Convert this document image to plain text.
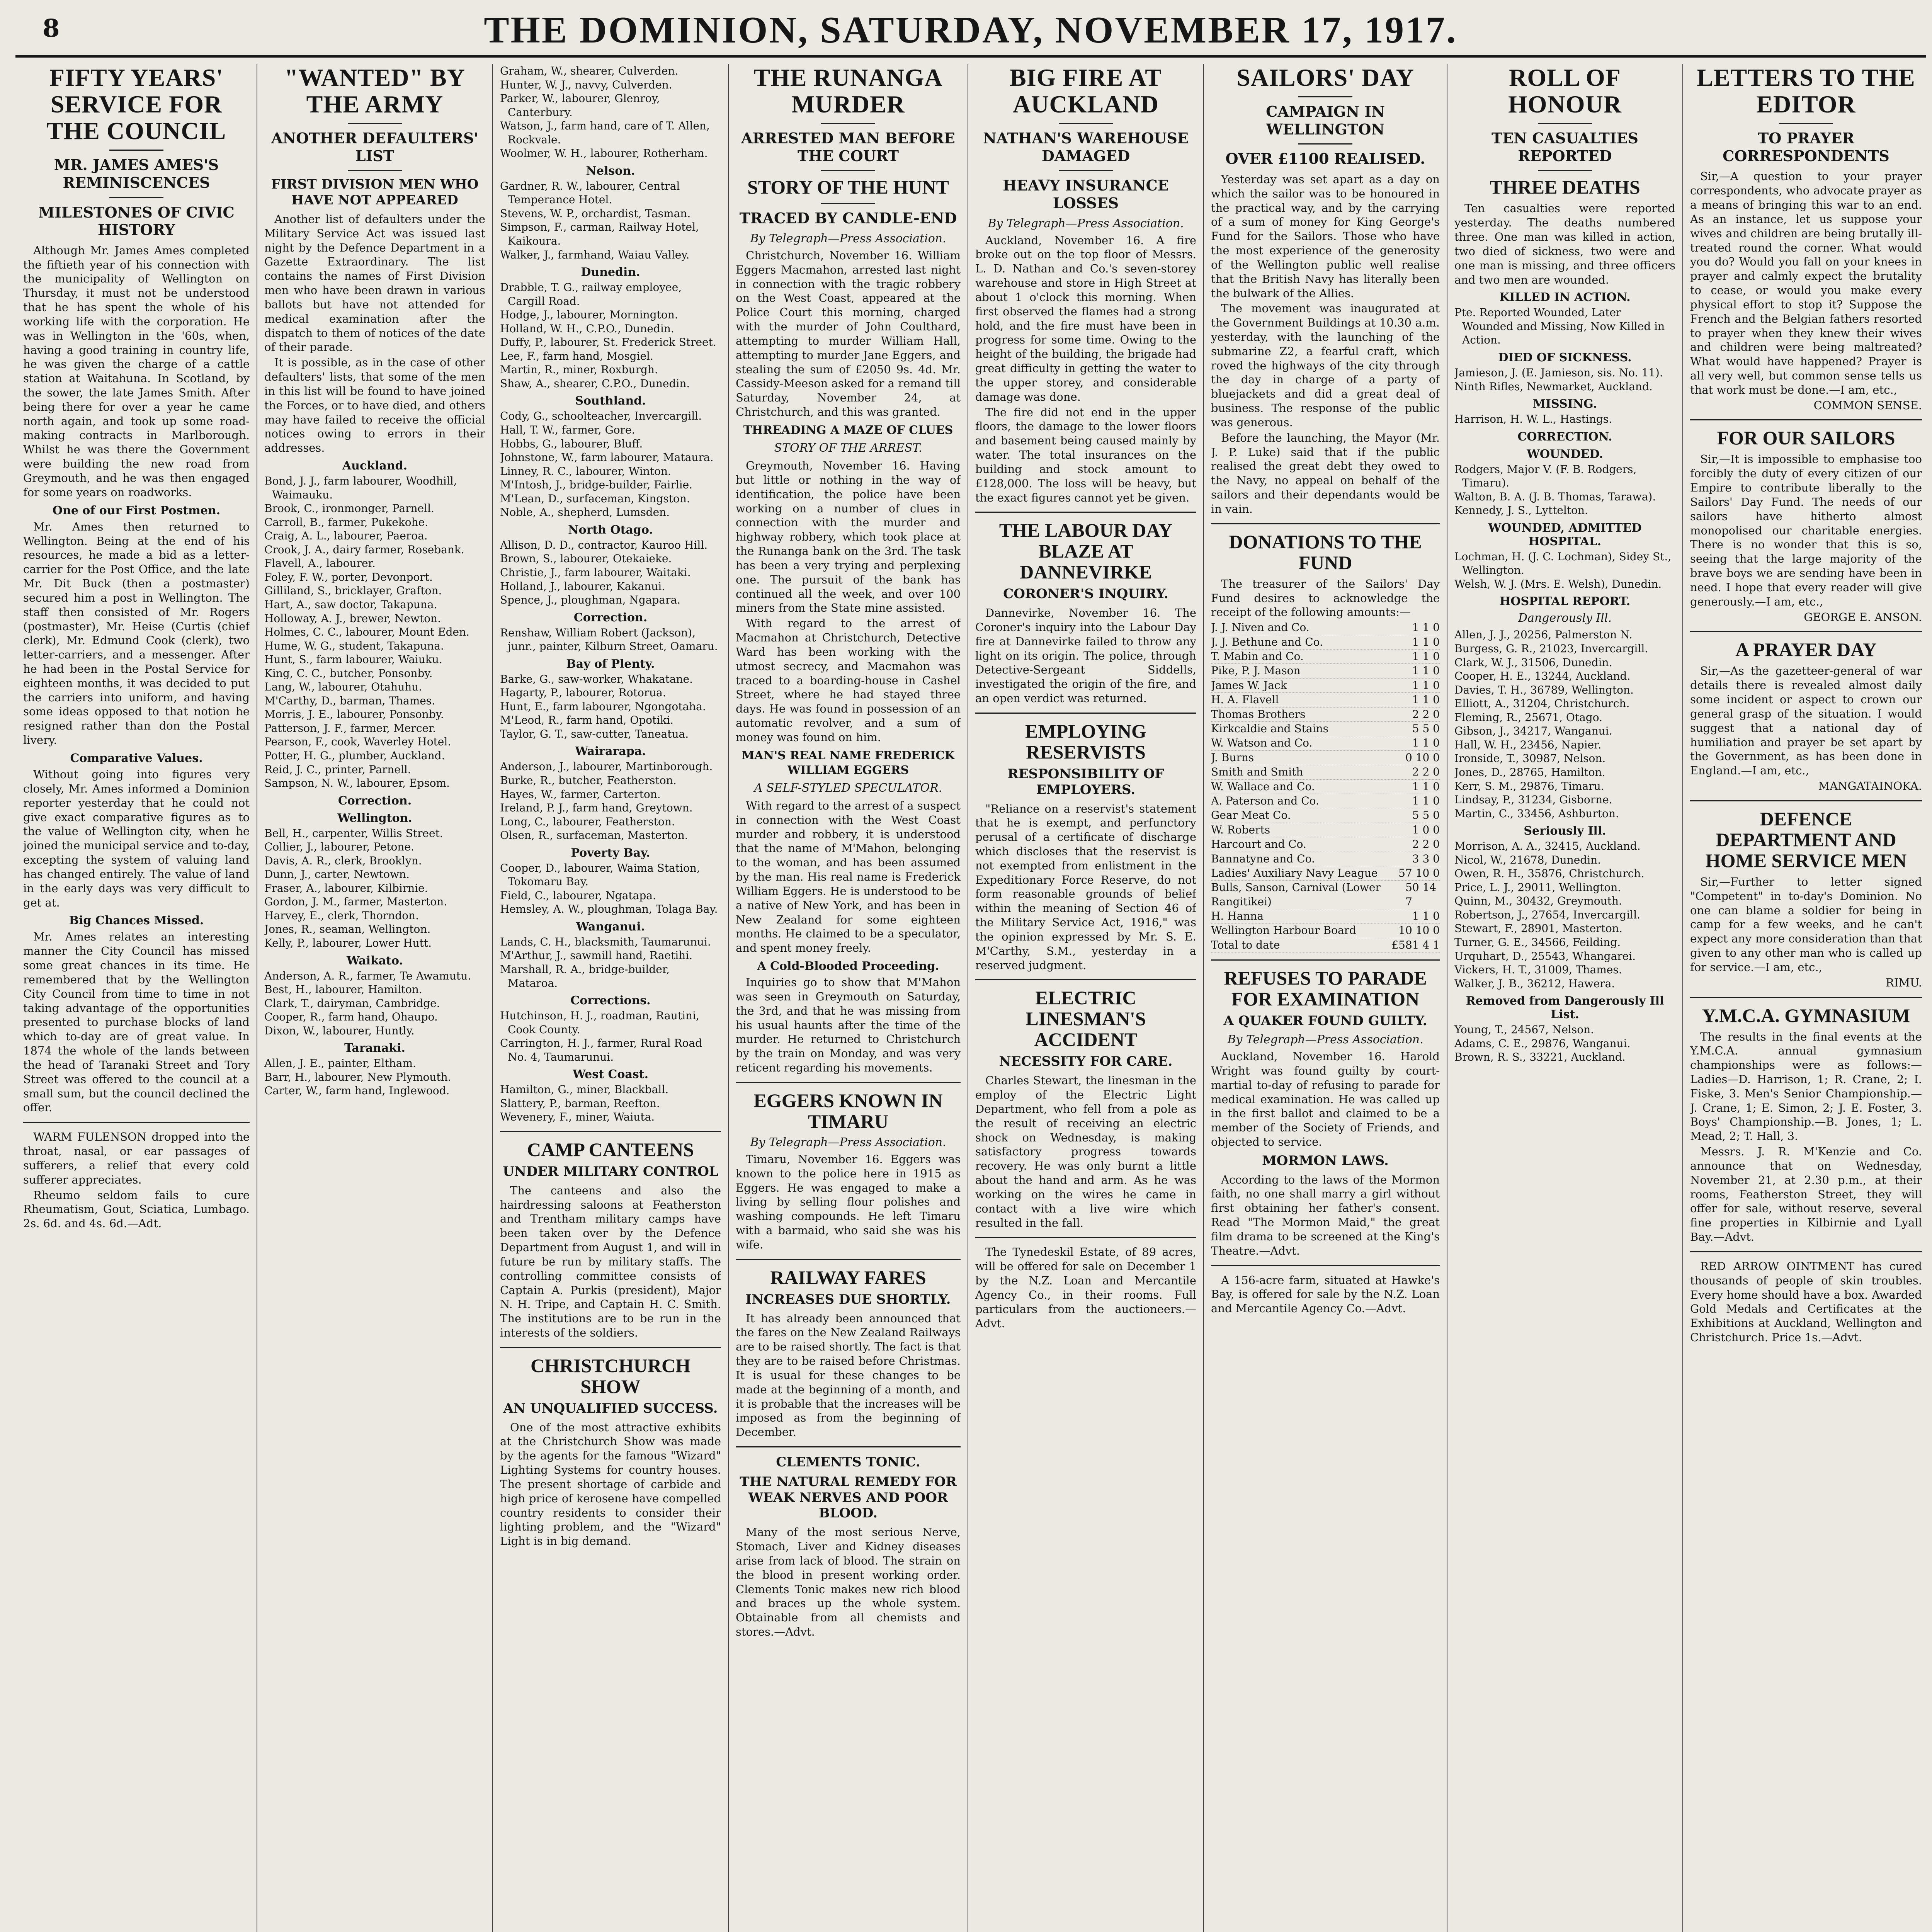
8	THE DOMINION, SATURDAY, NOVEMBER 17, 1917.
FIFTY YEARS' SERVICE FOR THE COUNCIL
MR. JAMES AMES'S REMINISCENCES
MILESTONES OF CIVIC HISTORY

Although Mr. James Ames completed the fiftieth year of his connection with the municipality of Wellington on Thursday, it must not be understood that he has spent the whole of his working life with the corporation. He was in Wellington in the '60s, when, having a good training in country life, he was given the charge of a cattle station at Waitahuna. In Scotland, by the sower, the late James Smith. After being there for over a year he came north again, and took up some road-making contracts in Marlborough. Whilst he was there the Government were building the new road from Greymouth, and he was then engaged for some years on roadworks.

One of our First Postmen.

Mr. Ames then returned to Wellington. Being at the end of his resources, he made a bid as a letter-carrier for the Post Office, and the late Mr. Dit Buck (then a postmaster) secured him a post in Wellington. The staff then consisted of Mr. Rogers (postmaster), Mr. Heise (Curtis (chief clerk), Mr. Edmund Cook (clerk), two letter-carriers, and a messenger. After he had been in the Postal Service for eighteen months, it was decided to put the carriers into uniform, and having some ideas opposed to that notion he resigned rather than don the Postal livery.

Comparative Values.

Without going into figures very closely, Mr. Ames informed a Dominion reporter yesterday that he could not give exact comparative figures as to the value of Wellington city, when he joined the municipal service and to-day, excepting the system of valuing land has changed entirely. The value of land in the early days was very difficult to get at.

Big Chances Missed.

Mr. Ames relates an interesting manner the City Council has missed some great chances in its time. He remembered that by the Wellington City Council from time to time in not taking advantage of the opportunities presented to purchase blocks of land which to-day are of great value. In 1874 the whole of the lands between the head of Taranaki Street and Tory Street was offered to the council at a small sum, but the council declined the offer.

WARM FULENSON dropped into the throat, nasal, or ear passages of sufferers, a relief that every cold sufferer appreciates.

Rheumo seldom fails to cure Rheumatism, Gout, Sciatica, Lumbago. 2s. 6d. and 4s. 6d.—Adt.

"WANTED" BY THE ARMY
ANOTHER DEFAULTERS' LIST
FIRST DIVISION MEN WHO HAVE NOT APPEARED

Another list of defaulters under the Military Service Act was issued last night by the Defence Department in a Gazette Extraordinary. The list contains the names of First Division men who have been drawn in various ballots but have not attended for medical examination after the dispatch to them of notices of the date of their parade.

It is possible, as in the case of other defaulters' lists, that some of the men in this list will be found to have joined the Forces, or to have died, and others may have failed to receive the official notices owing to errors in their addresses.

Auckland.
Bond, J. J., farm labourer, Woodhill, Waimauku.
Brook, C., ironmonger, Parnell.
Carroll, B., farmer, Pukekohe.
Craig, A. L., labourer, Paeroa.
Crook, J. A., dairy farmer, Rosebank.
Flavell, A., labourer.
Foley, F. W., porter, Devonport.
Gilliland, S., bricklayer, Grafton.
Hart, A., saw doctor, Takapuna.
Holloway, A. J., brewer, Newton.
Holmes, C. C., labourer, Mount Eden.
Hume, W. G., student, Takapuna.
Hunt, S., farm labourer, Waiuku.
King, C. C., butcher, Ponsonby.
Lang, W., labourer, Otahuhu.
M'Carthy, D., barman, Thames.
Morris, J. E., labourer, Ponsonby.
Patterson, J. F., farmer, Mercer.
Pearson, F., cook, Waverley Hotel.
Potter, H. G., plumber, Auckland.
Reid, J. C., printer, Parnell.
Sampson, N. W., labourer, Epsom.
Correction.
Wellington.
Bell, H., carpenter, Willis Street.
Collier, J., labourer, Petone.
Davis, A. R., clerk, Brooklyn.
Dunn, J., carter, Newtown.
Fraser, A., labourer, Kilbirnie.
Gordon, J. M., farmer, Masterton.
Harvey, E., clerk, Thorndon.
Jones, R., seaman, Wellington.
Kelly, P., labourer, Lower Hutt.
Waikato.
Anderson, A. R., farmer, Te Awamutu.
Best, H., labourer, Hamilton.
Clark, T., dairyman, Cambridge.
Cooper, R., farm hand, Ohaupo.
Dixon, W., labourer, Huntly.
Taranaki.
Allen, J. E., painter, Eltham.
Barr, H., labourer, New Plymouth.
Carter, W., farm hand, Inglewood.
Graham, W., shearer, Culverden.
Hunter, W. J., navvy, Culverden.
Parker, W., labourer, Glenroy, Canterbury.
Watson, J., farm hand, care of T. Allen, Rockvale.
Woolmer, W. H., labourer, Rotherham.
Nelson.
Gardner, R. W., labourer, Central Temperance Hotel.
Stevens, W. P., orchardist, Tasman.
Simpson, F., carman, Railway Hotel, Kaikoura.
Walker, J., farmhand, Waiau Valley.
Dunedin.
Drabble, T. G., railway employee, Cargill Road.
Hodge, J., labourer, Mornington.
Holland, W. H., C.P.O., Dunedin.
Duffy, P., labourer, St. Frederick Street.
Lee, F., farm hand, Mosgiel.
Martin, R., miner, Roxburgh.
Shaw, A., shearer, C.P.O., Dunedin.
Southland.
Cody, G., schoolteacher, Invercargill.
Hall, T. W., farmer, Gore.
Hobbs, G., labourer, Bluff.
Johnstone, W., farm labourer, Mataura.
Linney, R. C., labourer, Winton.
M'Intosh, J., bridge-builder, Fairlie.
M'Lean, D., surfaceman, Kingston.
Noble, A., shepherd, Lumsden.
North Otago.
Allison, D. D., contractor, Kauroo Hill.
Brown, S., labourer, Otekaieke.
Christie, J., farm labourer, Waitaki.
Holland, J., labourer, Kakanui.
Spence, J., ploughman, Ngapara.
Correction.
Renshaw, William Robert (Jackson), junr., painter, Kilburn Street, Oamaru.
Bay of Plenty.
Barke, G., saw-worker, Whakatane.
Hagarty, P., labourer, Rotorua.
Hunt, E., farm labourer, Ngongotaha.
M'Leod, R., farm hand, Opotiki.
Taylor, G. T., saw-cutter, Taneatua.
Wairarapa.
Anderson, J., labourer, Martinborough.
Burke, R., butcher, Featherston.
Hayes, W., farmer, Carterton.
Ireland, P. J., farm hand, Greytown.
Long, C., labourer, Featherston.
Olsen, R., surfaceman, Masterton.
Poverty Bay.
Cooper, D., labourer, Waima Station, Tokomaru Bay.
Field, C., labourer, Ngatapa.
Hemsley, A. W., ploughman, Tolaga Bay.
Wanganui.
Lands, C. H., blacksmith, Taumarunui.
M'Arthur, J., sawmill hand, Raetihi.
Marshall, R. A., bridge-builder, Mataroa.
Corrections.
Hutchinson, H. J., roadman, Rautini, Cook County.
Carrington, H. J., farmer, Rural Road No. 4, Taumarunui.
West Coast.
Hamilton, G., miner, Blackball.
Slattery, P., barman, Reefton.
Wevenery, F., miner, Waiuta.
CAMP CANTEENS
UNDER MILITARY CONTROL

The canteens and also the hairdressing saloons at Featherston and Trentham military camps have been taken over by the Defence Department from August 1, and will in future be run by military staffs. The controlling committee consists of Captain A. Purkis (president), Major N. H. Tripe, and Captain H. C. Smith. The institutions are to be run in the interests of the soldiers.

CHRISTCHURCH SHOW
AN UNQUALIFIED SUCCESS.

One of the most attractive exhibits at the Christchurch Show was made by the agents for the famous "Wizard" Lighting Systems for country houses. The present shortage of carbide and high price of kerosene have compelled country residents to consider their lighting problem, and the "Wizard" Light is in big demand.

THE RUNANGA MURDER
ARRESTED MAN BEFORE THE COURT
STORY OF THE HUNT
TRACED BY CANDLE-END
By Telegraph—Press Association.

Christchurch, November 16. William Eggers Macmahon, arrested last night in connection with the tragic robbery on the West Coast, appeared at the Police Court this morning, charged with the murder of John Coulthard, attempting to murder William Hall, attempting to murder Jane Eggers, and stealing the sum of £2050 9s. 4d. Mr. Cassidy-Meeson asked for a remand till Saturday, November 24, at Christchurch, and this was granted.

THREADING A MAZE OF CLUES
STORY OF THE ARREST.

Greymouth, November 16. Having but little or nothing in the way of identification, the police have been working on a number of clues in connection with the murder and highway robbery, which took place at the Runanga bank on the 3rd. The task has been a very trying and perplexing one. The pursuit of the bank has continued all the week, and over 100 miners from the State mine assisted.

With regard to the arrest of Macmahon at Christchurch, Detective Ward has been working with the utmost secrecy, and Macmahon was traced to a boarding-house in Cashel Street, where he had stayed three days. He was found in possession of an automatic revolver, and a sum of money was found on him.

MAN'S REAL NAME FREDERICK WILLIAM EGGERS
A SELF-STYLED SPECULATOR.

With regard to the arrest of a suspect in connection with the West Coast murder and robbery, it is understood that the name of M'Mahon, belonging to the woman, and has been assumed by the man. His real name is Frederick William Eggers. He is understood to be a native of New York, and has been in New Zealand for some eighteen months. He claimed to be a speculator, and spent money freely.

A Cold-Blooded Proceeding.

Inquiries go to show that M'Mahon was seen in Greymouth on Saturday, the 3rd, and that he was missing from his usual haunts after the time of the murder. He returned to Christchurch by the train on Monday, and was very reticent regarding his movements.

EGGERS KNOWN IN TIMARU
By Telegraph—Press Association.

Timaru, November 16. Eggers was known to the police here in 1915 as Eggers. He was engaged to make a living by selling flour polishes and washing compounds. He left Timaru with a barmaid, who said she was his wife.

RAILWAY FARES
INCREASES DUE SHORTLY.

It has already been announced that the fares on the New Zealand Railways are to be raised shortly. The fact is that they are to be raised before Christmas. It is usual for these changes to be made at the beginning of a month, and it is probable that the increases will be imposed as from the beginning of December.

CLEMENTS TONIC.
THE NATURAL REMEDY FOR WEAK NERVES AND POOR BLOOD.

Many of the most serious Nerve, Stomach, Liver and Kidney diseases arise from lack of blood. The strain on the blood in present working order. Clements Tonic makes new rich blood and braces up the whole system. Obtainable from all chemists and stores.—Advt.

BIG FIRE AT AUCKLAND
NATHAN'S WAREHOUSE DAMAGED
HEAVY INSURANCE LOSSES
By Telegraph—Press Association.

Auckland, November 16. A fire broke out on the top floor of Messrs. L. D. Nathan and Co.'s seven-storey warehouse and store in High Street at about 1 o'clock this morning. When first observed the flames had a strong hold, and the fire must have been in progress for some time. Owing to the height of the building, the brigade had great difficulty in getting the water to the upper storey, and considerable damage was done.

The fire did not end in the upper floors, the damage to the lower floors and basement being caused mainly by water. The total insurances on the building and stock amount to £128,000. The loss will be heavy, but the exact figures cannot yet be given.

THE LABOUR DAY BLAZE AT DANNEVIRKE
CORONER'S INQUIRY.

Dannevirke, November 16. The Coroner's inquiry into the Labour Day fire at Dannevirke failed to throw any light on its origin. The police, through Detective-Sergeant Siddells, investigated the origin of the fire, and an open verdict was returned.

EMPLOYING RESERVISTS
RESPONSIBILITY OF EMPLOYERS.

"Reliance on a reservist's statement that he is exempt, and perfunctory perusal of a certificate of discharge which discloses that the reservist is not exempted from enlistment in the Expeditionary Force Reserve, do not form reasonable grounds of belief within the meaning of Section 46 of the Military Service Act, 1916," was the opinion expressed by Mr. S. E. M'Carthy, S.M., yesterday in a reserved judgment.

ELECTRIC LINESMAN'S ACCIDENT
NECESSITY FOR CARE.

Charles Stewart, the linesman in the employ of the Electric Light Department, who fell from a pole as the result of receiving an electric shock on Wednesday, is making satisfactory progress towards recovery. He was only burnt a little about the hand and arm. As he was working on the wires he came in contact with a live wire which resulted in the fall.

The Tynedeskil Estate, of 89 acres, will be offered for sale on December 1 by the N.Z. Loan and Mercantile Agency Co., in their rooms. Full particulars from the auctioneers.—Advt.

SAILORS' DAY
CAMPAIGN IN WELLINGTON
OVER £1100 REALISED.

Yesterday was set apart as a day on which the sailor was to be honoured in the practical way, and by the carrying of a sum of money for King George's Fund for the Sailors. Those who have the most experience of the generosity of the Wellington public well realise that the British Navy has literally been the bulwark of the Allies.

The movement was inaugurated at the Government Buildings at 10.30 a.m. yesterday, with the launching of the submarine Z2, a fearful craft, which roved the highways of the city through the day in charge of a party of bluejackets and did a great deal of business. The response of the public was generous.

Before the launching, the Mayor (Mr. J. P. Luke) said that if the public realised the great debt they owed to the Navy, no appeal on behalf of the sailors and their dependants would be in vain.

DONATIONS TO THE FUND

The treasurer of the Sailors' Day Fund desires to acknowledge the receipt of the following amounts:—

J. J. Niven and Co.	1 1 0
J. J. Bethune and Co.	1 1 0
T. Mabin and Co.	1 1 0
Pike, P. J. Mason	1 1 0
James W. Jack	1 1 0
H. A. Flavell	1 1 0
Thomas Brothers	2 2 0
Kirkcaldie and Stains	5 5 0
W. Watson and Co.	1 1 0
J. Burns	0 10 0
Smith and Smith	2 2 0
W. Wallace and Co.	1 1 0
A. Paterson and Co.	1 1 0
Gear Meat Co.	5 5 0
W. Roberts	1 0 0
Harcourt and Co.	2 2 0
Bannatyne and Co.	3 3 0
Ladies' Auxiliary Navy League 57 10 0
Bulls, Sanson, Carnival (Lower Rangitikei)
50 14 7
H. Hanna	1 1 0
Wellington Harbour Board	10 10 0
Total to date	£581 4 1
REFUSES TO PARADE FOR EXAMINATION
A QUAKER FOUND GUILTY.
By Telegraph—Press Association.

Auckland, November 16. Harold Wright was found guilty by court-martial to-day of refusing to parade for medical examination. He was called up in the first ballot and claimed to be a member of the Society of Friends, and objected to service.

MORMON LAWS.

According to the laws of the Mormon faith, no one shall marry a girl without first obtaining her father's consent. Read "The Mormon Maid," the great film drama to be screened at the King's Theatre.—Advt.

A 156-acre farm, situated at Hawke's Bay, is offered for sale by the N.Z. Loan and Mercantile Agency Co.—Advt.

ROLL OF HONOUR
TEN CASUALTIES REPORTED
THREE DEATHS

Ten casualties were reported yesterday. The deaths numbered three. One man was killed in action, two died of sickness, two were and one man is missing, and three officers and two men are wounded.

KILLED IN ACTION.
Pte. Reported Wounded, Later Wounded and Missing, Now Killed in Action.
DIED OF SICKNESS.
Jamieson, J. (E. Jamieson, sis. No. 11).
Ninth Rifles, Newmarket, Auckland.
MISSING.
Harrison, H. W. L., Hastings.
CORRECTION.
WOUNDED.
Rodgers, Major V. (F. B. Rodgers, Timaru).
Walton, B. A. (J. B. Thomas, Tarawa).
Kennedy, J. S., Lyttelton.
WOUNDED, ADMITTED HOSPITAL.
Lochman, H. (J. C. Lochman), Sidey St., Wellington.
Welsh, W. J. (Mrs. E. Welsh), Dunedin.
HOSPITAL REPORT.
Dangerously Ill.
Allen, J. J., 20256, Palmerston N.
Burgess, G. R., 21023, Invercargill.
Clark, W. J., 31506, Dunedin.
Cooper, H. E., 13244, Auckland.
Davies, T. H., 36789, Wellington.
Elliott, A., 31204, Christchurch.
Fleming, R., 25671, Otago.
Gibson, J., 34217, Wanganui.
Hall, W. H., 23456, Napier.
Ironside, T., 30987, Nelson.
Jones, D., 28765, Hamilton.
Kerr, S. M., 29876, Timaru.
Lindsay, P., 31234, Gisborne.
Martin, C., 33456, Ashburton.
Seriously Ill.
Morrison, A. A., 32415, Auckland.
Nicol, W., 21678, Dunedin.
Owen, R. H., 35876, Christchurch.
Price, L. J., 29011, Wellington.
Quinn, M., 30432, Greymouth.
Robertson, J., 27654, Invercargill.
Stewart, F., 28901, Masterton.
Turner, G. E., 34566, Feilding.
Urquhart, D., 25543, Whangarei.
Vickers, H. T., 31009, Thames.
Walker, J. B., 36212, Hawera.
Removed from Dangerously Ill List.
Young, T., 24567, Nelson.
Adams, C. E., 29876, Wanganui.
Brown, R. S., 33221, Auckland.
LETTERS TO THE EDITOR
TO PRAYER CORRESPONDENTS

Sir,—A question to your prayer correspondents, who advocate prayer as a means of bringing this war to an end. As an instance, let us suppose your wives and children are being brutally ill-treated round the corner. What would you do? Would you fall on your knees in prayer and calmly expect the brutality to cease, or would you make every physical effort to stop it? Suppose the French and the Belgian fathers resorted to prayer when they knew their wives and children were being maltreated? What would have happened? Prayer is all very well, but common sense tells us that work must be done.—I am, etc.,

COMMON SENSE.
FOR OUR SAILORS

Sir,—It is impossible to emphasise too forcibly the duty of every citizen of our Empire to contribute liberally to the Sailors' Day Fund. The needs of our sailors have hitherto almost monopolised our charitable energies. There is no wonder that this is so, seeing that the large majority of the brave boys we are sending have been in need. I hope that every reader will give generously.—I am, etc.,

GEORGE E. ANSON.
A PRAYER DAY

Sir,—As the gazetteer-general of war details there is revealed almost daily some incident or aspect to crown our general grasp of the situation. I would suggest that a national day of humiliation and prayer be set apart by the Government, as has been done in England.—I am, etc.,

MANGATAINOKA.
DEFENCE DEPARTMENT AND HOME SERVICE MEN

Sir,—Further to letter signed "Competent" in to-day's Dominion. No one can blame a soldier for being in camp for a few weeks, and he can't expect any more consideration than that given to any other man who is called up for service.—I am, etc.,

RIMU.
Y.M.C.A. GYMNASIUM

The results in the final events at the Y.M.C.A. annual gymnasium championships were as follows:— Ladies—D. Harrison, 1; R. Crane, 2; I. Fiske, 3. Men's Senior Championship.—J. Crane, 1; E. Simon, 2; J. E. Foster, 3. Boys' Championship.—B. Jones, 1; L. Mead, 2; T. Hall, 3.

Messrs. J. R. M'Kenzie and Co. announce that on Wednesday, November 21, at 2.30 p.m., at their rooms, Featherston Street, they will offer for sale, without reserve, several fine properties in Kilbirnie and Lyall Bay.—Advt.

RED ARROW OINTMENT has cured thousands of people of skin troubles. Every home should have a box. Awarded Gold Medals and Certificates at the Exhibitions at Auckland, Wellington and Christchurch. Price 1s.—Advt.
